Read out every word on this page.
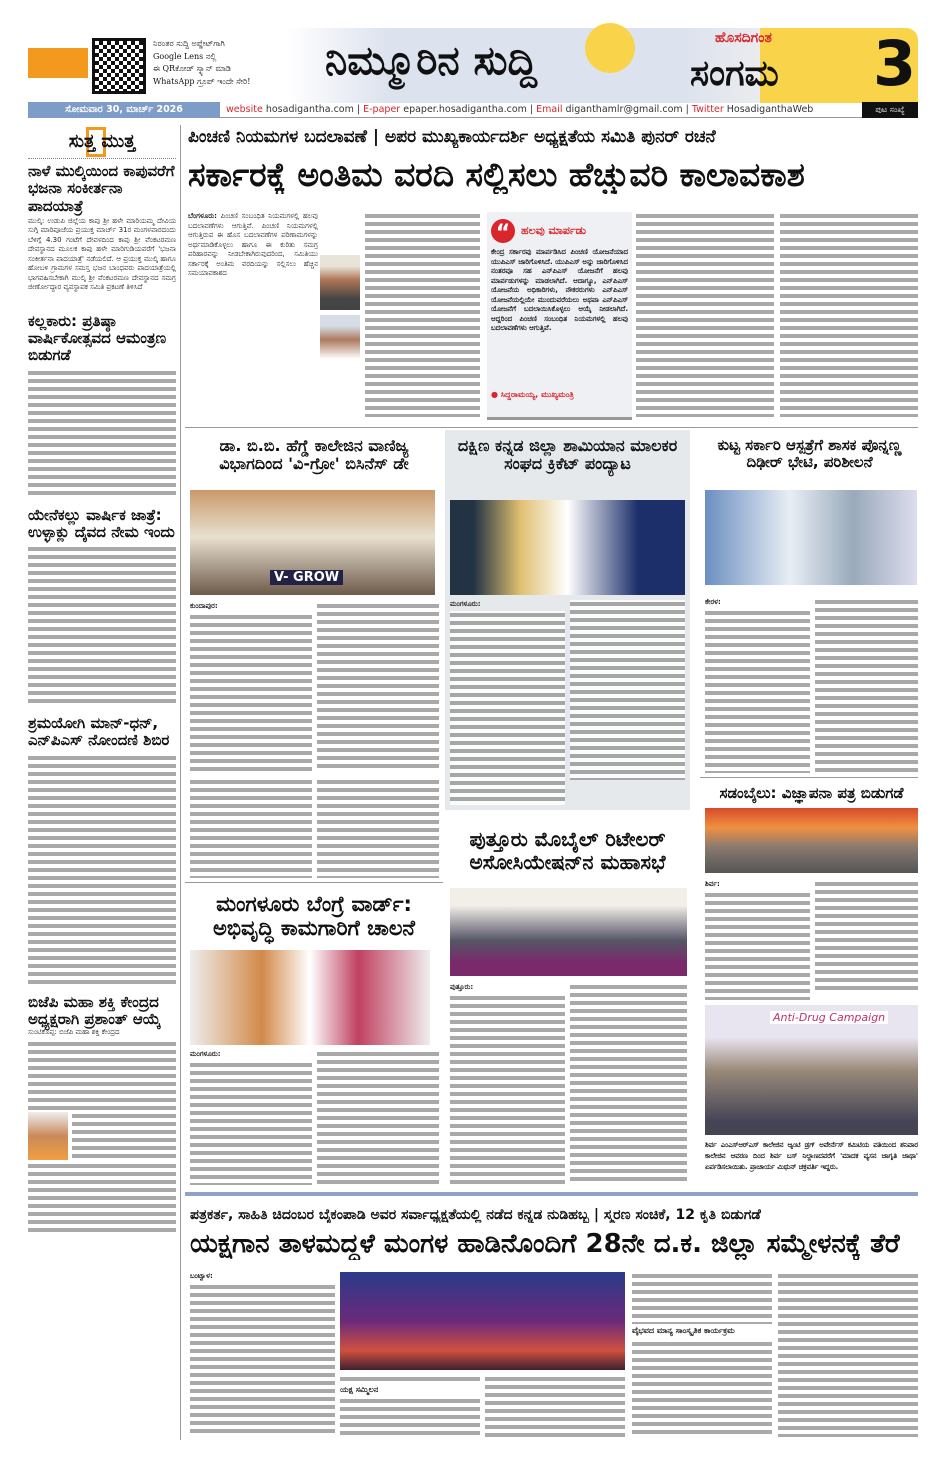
ನಿರಂತರ ಸುದ್ದಿ ಅಪ್ಡೇಟ್‌ಗಾಗಿ
Google Lens ನಲ್ಲಿ
ಈ QRಕೋಡ್ ಸ್ಕ್ಯಾನ್ ಮಾಡಿ
WhatsApp ಗ್ರೂಪ್ ಇಂದೇ ಸೇರಿ! ನಿಮ್ಮೂರಿನ ಸುದ್ದಿ	ಹೊಸದಿಗಂತ
ಸಂಗಮ 3
ಸೋಮವಾರ 30, ಮಾರ್ಚ್ 2026	website hosadigantha.com | E-paper epaper.hosadigantha.com | Email diganthamlr@gmail.com | Twitter HosadiganthaWeb	ಪುಟ ಸಂಖ್ಯೆ
ಸುತ್ತ ಮುತ್ತ
ನಾಳೆ ಮುಲ್ಕಿಯಿಂದ ಕಾಪುವರೆಗೆ ಭಜನಾ ಸಂಕೀರ್ತನಾ ಪಾದಯಾತ್ರೆ
ಮುಲ್ಕಿ: ಉಡುಪಿ ಜಿಲ್ಲೆಯ ಕಾಪು ಶ್ರೀ ಹಳೇ ಮಾರಿಯಮ್ಮ ದೇವಿಯ ಸುಗ್ಗಿ ಮಾರಿಪೂಜೆಯ ಪ್ರಯುಕ್ತ ಮಾರ್ಚ್ 31ರ ಮಂಗಳವಾರದಂದು ಬೆಳಿಗ್ಗೆ 4.30 ಗಂಟೆಗೆ ದೇವಳದಿಂದ ಕಾಪು ಶ್ರೀ ವೆಂಕಟರಮಣ ದೇವಸ್ಥಾನದ ಮೂಲಕ ಕಾಪು ಹಳೇ ಮಾರಿಗುಡಿಯವರೆಗೆ 'ಭಜನಾ ಸಂಕೀರ್ತನಾ ಪಾದಯಾತ್ರೆ' ನಡೆಯಲಿದೆ. ಆ ಪ್ರಯುಕ್ತ ಮುಲ್ಕಿ ಹಾಗೂ ಹೋಬಳಿ ಗ್ರಾಮಗಳ ಸಮಸ್ತ ಭಜನ ಬಾಂಧವರು ಪಾದಯಾತ್ರೆಯಲ್ಲಿ ಭಾಗವಹಿಸಬೇಕಾಗಿ ಮುಲ್ಕಿ ಶ್ರೀ ವೆಂಕಟರಮಣ ದೇವಸ್ಥಾನದ ಸಮಗ್ರ ಜೀರ್ಣೋದ್ಧಾರ ವ್ಯವಸ್ಥಾಪಕ ಸಮಿತಿ ಪ್ರಕಟಣೆ ತಿಳಿಸಿದೆ
ಕಲ್ಲಕಾರು: ಪ್ರತಿಷ್ಠಾ ವಾರ್ಷಿಕೋತ್ಸವದ ಆಮಂತ್ರಣ ಬಿಡುಗಡೆ
ಯೇನೆಕಲ್ಲು ವಾರ್ಷಿಕ ಜಾತ್ರೆ: ಉಳ್ಳಾಕ್ಲು ದೈವದ ನೇಮ ಇಂದು
ಶ್ರಮಯೋಗಿ ಮಾನ್-ಧನ್, ಎನ್‌ಪಿಎಸ್ ನೋಂದಣಿ ಶಿಬಿರ
ಬಿಜೆಪಿ ಮಹಾ ಶಕ್ತಿ ಕೇಂದ್ರದ ಅಧ್ಯಕ್ಷರಾಗಿ ಪ್ರಶಾಂತ್ ಆಯ್ಕೆ
ಸುಂಟಿಕೊಪ್ಪ: ಬಿಜೆಪಿ ಮಹಾ ಶಕ್ತಿ ಕೇಂದ್ರದ
ಪಿಂಚಣಿ ನಿಯಮಗಳ ಬದಲಾವಣೆ | ಅಪರ ಮುಖ್ಯಕಾರ್ಯದರ್ಶಿ ಅಧ್ಯಕ್ಷತೆಯ ಸಮಿತಿ ಪುನರ್ ರಚನೆ
ಸರ್ಕಾರಕ್ಕೆ ಅಂತಿಮ ವರದಿ ಸಲ್ಲಿಸಲು ಹೆಚ್ಚುವರಿ ಕಾಲಾವಕಾಶ
ಬೆಂಗಳೂರು: ಪಿಂಚಣಿ ಸಂಬಂಧಿತ ನಿಯಮಗಳಲ್ಲಿ ಹಲವು ಬದಲಾವಣೆಗಳು ಆಗುತ್ತಿವೆ. ಪಿಂಚಣಿ ನಿಯಮಗಳಲ್ಲಿ ಆಗುತ್ತಿರುವ ಈ ಹೊಸ ಬದಲಾವಣೆಗಳ ಪರಿಣಾಮಗಳನ್ನು ಅರ್ಥಮಾಡಿಕೊಳ್ಳಲು ಹಾಗೂ ಈ ಕುರಿತು ಸಮಗ್ರ ಪರಿಹಾರವನ್ನು ನೀಡಬೇಕಾಗಿರುವುದರಿಂದ, ಸಮಿತಿಯು ಸರ್ಕಾರಕ್ಕೆ ಅಂತಿಮ ವರದಿಯನ್ನು ಸಲ್ಲಿಸಲು ಹೆಚ್ಚಿನ ಸಮಯಾವಕಾಶದ
“ ಹಲವು ಮಾರ್ಪಡು
ಕೇಂದ್ರ ಸರ್ಕಾರವು ಮಾರ್ಪಡಿಸಿದ ಪಿಂಚಣಿ ಯೋಜನೆಯಾದ ಯುಪಿಎಸ್ ಜಾರಿಗೊಳಿಸಿದೆ. ಯುಪಿಎಸ್ ಅನ್ನು ಜಾರಿಗೊಳಿಸಿದ ನಂತರವೂ ಸಹ ಎನ್‌ಪಿಎಸ್ ಯೋಜನೆಗೆ ಹಲವು ಮಾರ್ಪಡುಗಳನ್ನು ಮಾಡಲಾಗಿದೆ. ಆದಾಗ್ಯೂ, ಎನ್‌ಪಿಎಸ್ ಯೋಜನೆಯ ಅಧಿಕಾರಿಗಳು, ನೌಕರರುಗಳು ಎನ್‌ಪಿಎಸ್ ಯೋಜನೆಯಲ್ಲಿಯೇ ಮುಂದುವರೆಯಲು ಅಥವಾ ಎನ್‌ಪಿಎಸ್ ಯೋಜನೆಗೆ ಬದಲಾಯಿಸಿಕೊಳ್ಳಲು ಆಯ್ಕೆ ನೀಡಲಾಗಿದೆ. ಆದ್ದರಿಂದ ಪಿಂಚಣಿ ಸಂಬಂಧಿತ ನಿಯಮಗಳಲ್ಲಿ ಹಲವು ಬದಲಾವಣೆಗಳು ಆಗುತ್ತಿವೆ.
● ಸಿದ್ದರಾಮಯ್ಯ, ಮುಖ್ಯಮಂತ್ರಿ
ಡಾ. ಬಿ.ಬಿ. ಹೆಗ್ಡೆ ಕಾಲೇಜಿನ ವಾಣಿಜ್ಯ ವಿಭಾಗದಿಂದ 'ವಿ-ಗ್ರೋ' ಬಿಸಿನೆಸ್ ಡೇ
V- GROW
ಕುಂದಾಪುರ:
ದಕ್ಷಿಣ ಕನ್ನಡ ಜಿಲ್ಲಾ ಶಾಮಿಯಾನ ಮಾಲಕರ ಸಂಘದ ಕ್ರಿಕೆಟ್ ಪಂದ್ಯಾಟ
ಮಂಗಳೂರು:
ಕುಟ್ಟ ಸರ್ಕಾರಿ ಆಸ್ಪತ್ರೆಗೆ ಶಾಸಕ ಪೊನ್ನಣ್ಣ ದಿಢೀರ್ ಭೇಟಿ, ಪರಿಶೀಲನೆ
ಕೇರಳ:
ಮಂಗಳೂರು ಬೆಂಗ್ರೆ ವಾರ್ಡ್: ಅಭಿವೃದ್ಧಿ ಕಾಮಗಾರಿಗೆ ಚಾಲನೆ
ಮಂಗಳೂರು:
ಪುತ್ತೂರು ಮೊಬೈಲ್ ರಿಟೇಲರ್ ಅಸೋಸಿಯೇಷನ್‌ನ ಮಹಾಸಭೆ
ಪುತ್ತೂರು:
ಸಡಂಬೈಲು: ವಿಜ್ಞಾಪನಾ ಪತ್ರ ಬಿಡುಗಡೆ
ಶಿರ್ವ:
Anti-Drug Campaign
ಶಿರ್ವ ಎಂಎಸ್‌ಆರ್‌ಎಸ್ ಕಾಲೇಜಿನ ಆ್ಯಂಟಿ ಡ್ರಗ್ ಅವೇರ್ನೆಸ್ ಕಮಿಟಿಯ ವತಿಯಿಂದ ಶನಿವಾರ ಕಾಲೇಜಿನ ಆವರಣ ದಿಂದ ಶಿರ್ವ ಬಸ್ ನಿಲ್ದಾಣದವರೆಗೆ 'ಮಾದಕ ವ್ಯಸನ ಜಾಗೃತಿ ಜಾಥಾ' ಏರ್ಪಡಿಸಲಾಯಿತು. ಪ್ರಾಚಾರ್ಯ ಮಿಥುನ್ ಚಕ್ರವರ್ತಿ ಇದ್ದರು.
ಪತ್ರಕರ್ತ, ಸಾಹಿತಿ ಚಿದಂಬರ ಬೈಕಂಪಾಡಿ ಅವರ ಸರ್ವಾಧ್ಯಕ್ಷತೆಯಲ್ಲಿ ನಡೆದ ಕನ್ನಡ ನುಡಿಹಬ್ಬ | ಸ್ಮರಣ ಸಂಚಿಕೆ, 12 ಕೃತಿ ಬಿಡುಗಡೆ
ಯಕ್ಷಗಾನ ತಾಳಮದ್ದಳೆ ಮಂಗಳ ಹಾಡಿನೊಂದಿಗೆ 28ನೇ ದ.ಕ. ಜಿಲ್ಲಾ ಸಮ್ಮೇಳನಕ್ಕೆ ತೆರೆ
ಬಂಟ್ವಾಳ:
ಯಕ್ಷ ಸಮ್ಮಿಲನ
ವೈಭವದ ಮಾನ್ಯ ಸಾಂಸ್ಕೃತಿಕ ಕಾರ್ಯಕ್ರಮ
